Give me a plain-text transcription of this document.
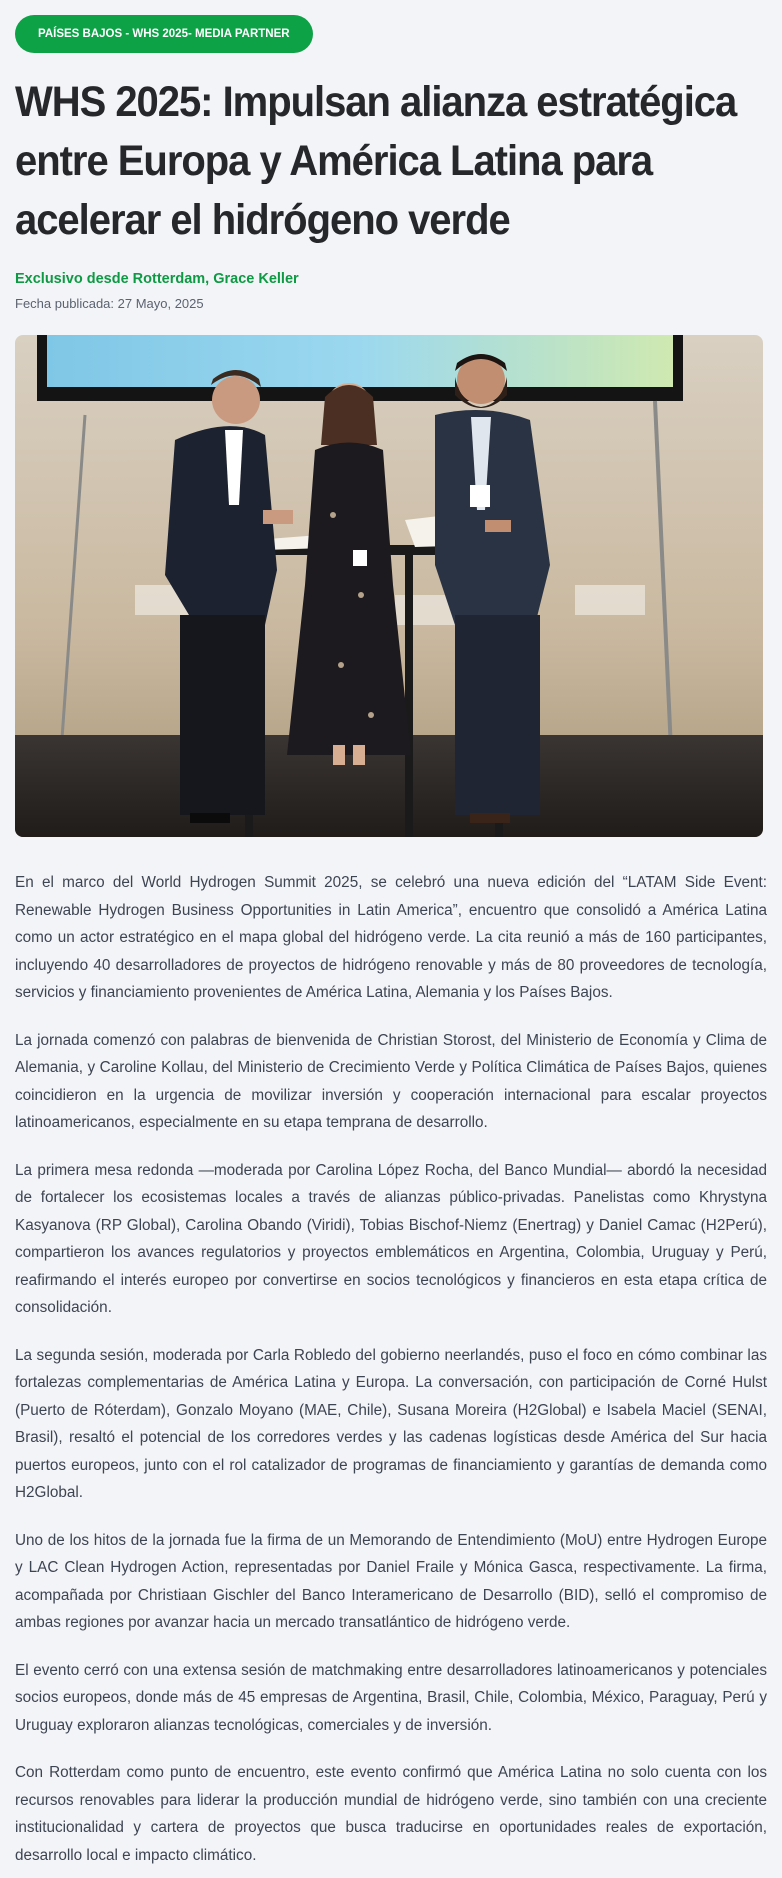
PAÍSES BAJOS - WHS 2025- MEDIA PARTNER
WHS 2025: Impulsan alianza estratégica entre Europa y América Latina para acelerar el hidrógeno verde
Exclusivo desde Rotterdam, Grace Keller
Fecha publicada: 27 Mayo, 2025

En el marco del World Hydrogen Summit 2025, se celebró una nueva edición del “LATAM Side Event: Renewable Hydrogen Business Opportunities in Latin America”, encuentro que consolidó a América Latina como un actor estratégico en el mapa global del hidrógeno verde. La cita reunió a más de 160 participantes, incluyendo 40 desarrolladores de proyectos de hidrógeno renovable y más de 80 proveedores de tecnología, servicios y financiamiento provenientes de América Latina, Alemania y los Países Bajos.

La jornada comenzó con palabras de bienvenida de Christian Storost, del Ministerio de Economía y Clima de Alemania, y Caroline Kollau, del Ministerio de Crecimiento Verde y Política Climática de Países Bajos, quienes coincidieron en la urgencia de movilizar inversión y cooperación internacional para escalar proyectos latinoamericanos, especialmente en su etapa temprana de desarrollo.

La primera mesa redonda —moderada por Carolina López Rocha, del Banco Mundial— abordó la necesidad de fortalecer los ecosistemas locales a través de alianzas público-privadas. Panelistas como Khrystyna Kasyanova (RP Global), Carolina Obando (Viridi), Tobias Bischof-Niemz (Enertrag) y Daniel Camac (H2Perú), compartieron los avances regulatorios y proyectos emblemáticos en Argentina, Colombia, Uruguay y Perú, reafirmando el interés europeo por convertirse en socios tecnológicos y financieros en esta etapa crítica de consolidación.

La segunda sesión, moderada por Carla Robledo del gobierno neerlandés, puso el foco en cómo combinar las fortalezas complementarias de América Latina y Europa. La conversación, con participación de Corné Hulst (Puerto de Róterdam), Gonzalo Moyano (MAE, Chile), Susana Moreira (H2Global) e Isabela Maciel (SENAI, Brasil), resaltó el potencial de los corredores verdes y las cadenas logísticas desde América del Sur hacia puertos europeos, junto con el rol catalizador de programas de financiamiento y garantías de demanda como H2Global.

Uno de los hitos de la jornada fue la firma de un Memorando de Entendimiento (MoU) entre Hydrogen Europe y LAC Clean Hydrogen Action, representadas por Daniel Fraile y Mónica Gasca, respectivamente. La firma, acompañada por Christiaan Gischler del Banco Interamericano de Desarrollo (BID), selló el compromiso de ambas regiones por avanzar hacia un mercado transatlántico de hidrógeno verde.

El evento cerró con una extensa sesión de matchmaking entre desarrolladores latinoamericanos y potenciales socios europeos, donde más de 45 empresas de Argentina, Brasil, Chile, Colombia, México, Paraguay, Perú y Uruguay exploraron alianzas tecnológicas, comerciales y de inversión.

Con Rotterdam como punto de encuentro, este evento confirmó que América Latina no solo cuenta con los recursos renovables para liderar la producción mundial de hidrógeno verde, sino también con una creciente institucionalidad y cartera de proyectos que busca traducirse en oportunidades reales de exportación, desarrollo local e impacto climático.
